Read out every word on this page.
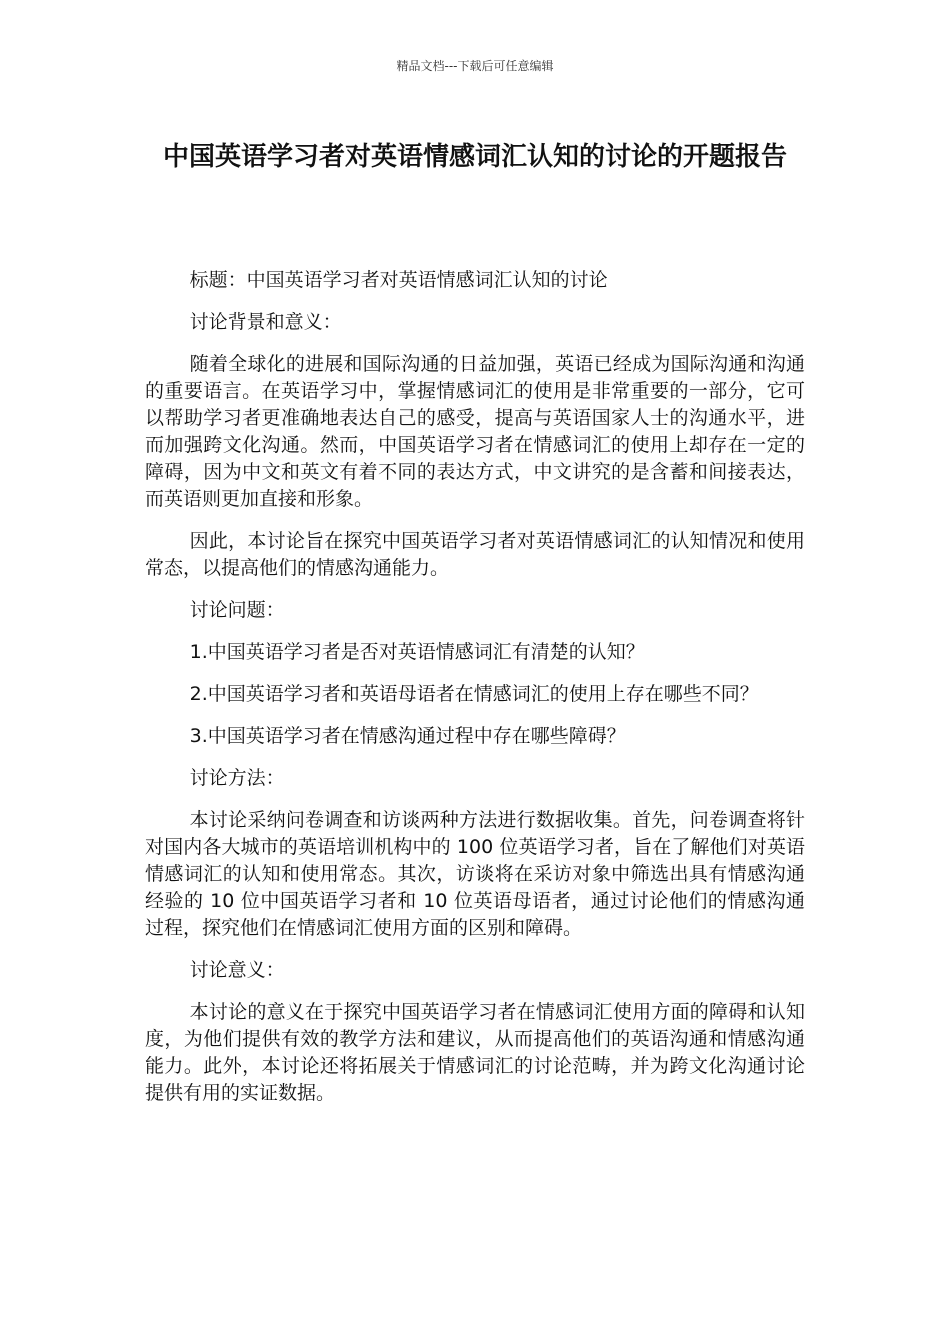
精品文档---下载后可任意编辑
中国英语学习者对英语情感词汇认知的讨论的开题报告

标题：中国英语学习者对英语情感词汇认知的讨论

讨论背景和意义：

随着全球化的进展和国际沟通的日益加强，英语已经成为国际沟通和沟通的重要语言。在英语学习中，掌握情感词汇的使用是非常重要的一部分，它可以帮助学习者更准确地表达自己的感受，提高与英语国家人士的沟通水平，进而加强跨文化沟通。然而，中国英语学习者在情感词汇的使用上却存在一定的障碍，因为中文和英文有着不同的表达方式，中文讲究的是含蓄和间接表达，而英语则更加直接和形象。

因此，本讨论旨在探究中国英语学习者对英语情感词汇的认知情况和使用常态，以提高他们的情感沟通能力。

讨论问题：

1.中国英语学习者是否对英语情感词汇有清楚的认知？

2.中国英语学习者和英语母语者在情感词汇的使用上存在哪些不同？

3.中国英语学习者在情感沟通过程中存在哪些障碍？

讨论方法：

本讨论采纳问卷调查和访谈两种方法进行数据收集。首先，问卷调查将针对国内各大城市的英语培训机构中的 100 位英语学习者，旨在了解他们对英语情感词汇的认知和使用常态。其次，访谈将在采访对象中筛选出具有情感沟通经验的 10 位中国英语学习者和 10 位英语母语者，通过讨论他们的情感沟通过程，探究他们在情感词汇使用方面的区别和障碍。

讨论意义：

本讨论的意义在于探究中国英语学习者在情感词汇使用方面的障碍和认知度，为他们提供有效的教学方法和建议，从而提高他们的英语沟通和情感沟通能力。此外，本讨论还将拓展关于情感词汇的讨论范畴，并为跨文化沟通讨论提供有用的实证数据。
